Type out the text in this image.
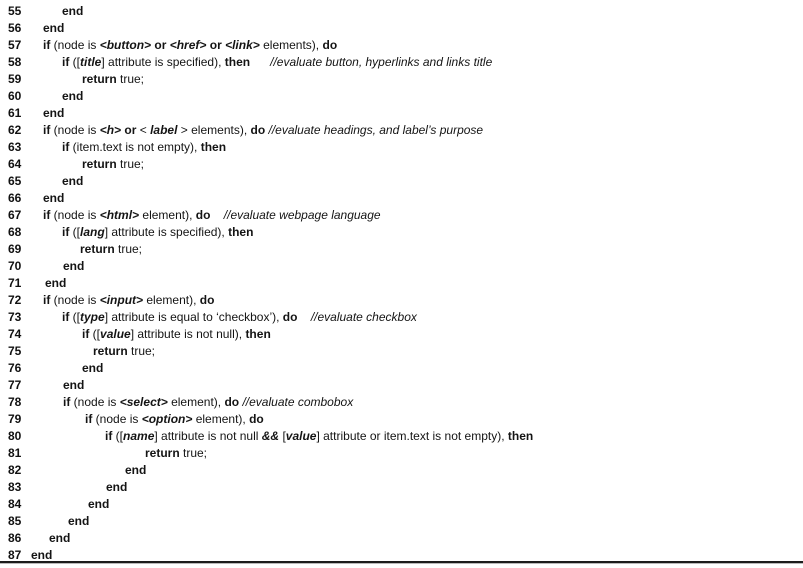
55	end
56 end
57 if (node is <button> or <href> or <link> elements), do
58	if ([title] attribute is specified), then //evaluate button, hyperlinks and links title
59	return true;
60	end
61 end
62 if (node is <h> or < label > elements), do //evaluate headings, and label’s purpose
63	if (item.text is not empty), then
64	return true;
65	end
66 end
67 if (node is <html> element), do //evaluate webpage language
68	if ([lang] attribute is specified), then
69	return true;
70	end
71 end
72 if (node is <input> element), do
73	if ([type] attribute is equal to ‘checkbox’), do //evaluate checkbox
74	if ([value] attribute is not null), then
75	return true;
76	end
77	end
78	if (node is <select> element), do //evaluate combobox
79	if (node is <option> element), do
80	if ([name] attribute is not null && [value] attribute or item.text is not empty), then
81	return true;
82	end
83	end
84	end
85	end
86 end
87 end
